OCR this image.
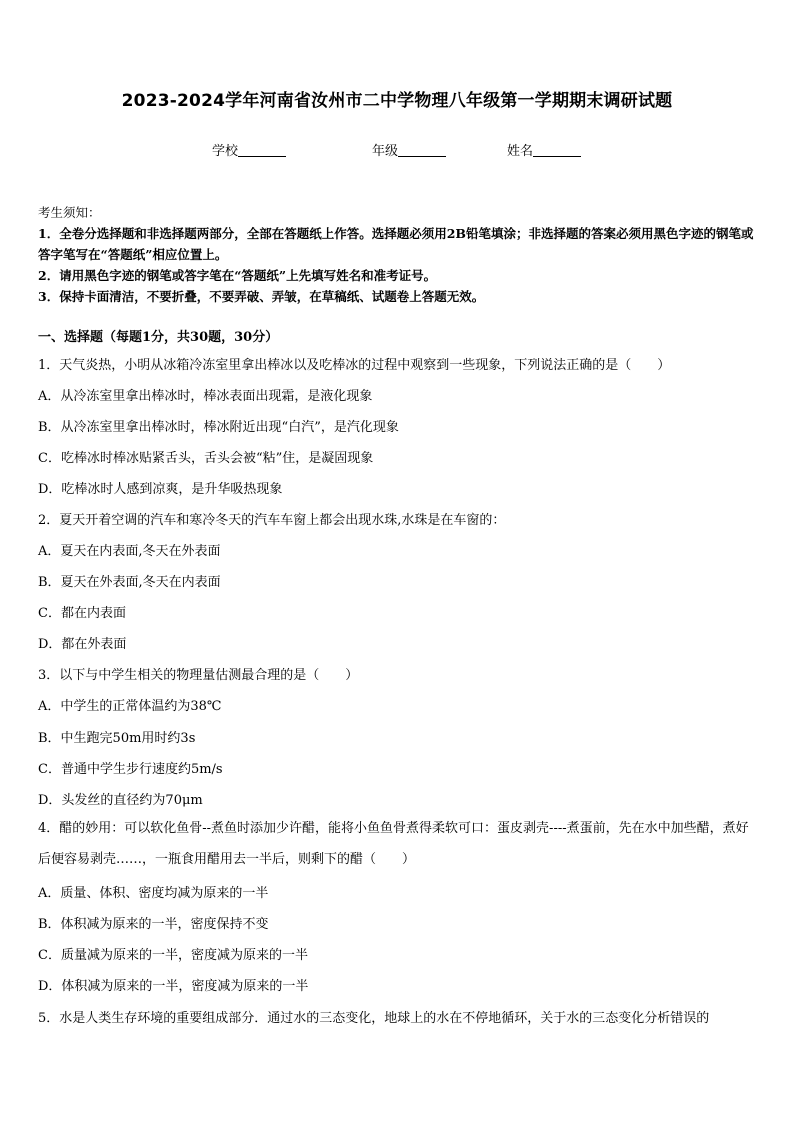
2023-2024学年河南省汝州市二中学物理八年级第一学期期末调研试题
学校	年级	姓名
考生须知：
1．全卷分选择题和非选择题两部分，全部在答题纸上作答。选择题必须用2B铅笔填涂；非选择题的答案必须用黑色字迹的钢笔或答字笔写在“答题纸”相应位置上。
2．请用黑色字迹的钢笔或答字笔在“答题纸”上先填写姓名和准考证号。
3．保持卡面清洁，不要折叠，不要弄破、弄皱，在草稿纸、试题卷上答题无效。
一、选择题（每题1分，共30题，30分）
1．天气炎热，小明从冰箱冷冻室里拿出棒冰以及吃棒冰的过程中观察到一些现象，下列说法正确的是（　　）
A．从冷冻室里拿出棒冰时，棒冰表面出现霜，是液化现象
B．从冷冻室里拿出棒冰时，棒冰附近出现“白汽”，是汽化现象
C．吃棒冰时棒冰贴紧舌头，舌头会被“粘”住，是凝固现象
D．吃棒冰时人感到凉爽，是升华吸热现象
2．夏天开着空调的汽车和寒冷冬天的汽车车窗上都会出现水珠,水珠是在车窗的：
A．夏天在内表面,冬天在外表面
B．夏天在外表面,冬天在内表面
C．都在内表面
D．都在外表面
3．以下与中学生相关的物理量估测最合理的是（　　）
A．中学生的正常体温约为38℃
B．中生跑完50m用时约3s
C．普通中学生步行速度约5m/s
D．头发丝的直径约为70μm
4．醋的妙用：可以软化鱼骨--煮鱼时添加少许醋，能将小鱼鱼骨煮得柔软可口：蛋皮剥壳----煮蛋前，先在水中加些醋，煮好后便容易剥壳……，一瓶食用醋用去一半后，则剩下的醋（　　）
A．质量、体积、密度均减为原来的一半
B．体积减为原来的一半，密度保持不变
C．质量减为原来的一半，密度减为原来的一半
D．体积减为原来的一半，密度减为原来的一半
5．水是人类生存环境的重要组成部分．通过水的三态变化，地球上的水在不停地循环，关于水的三态变化分析错误的
